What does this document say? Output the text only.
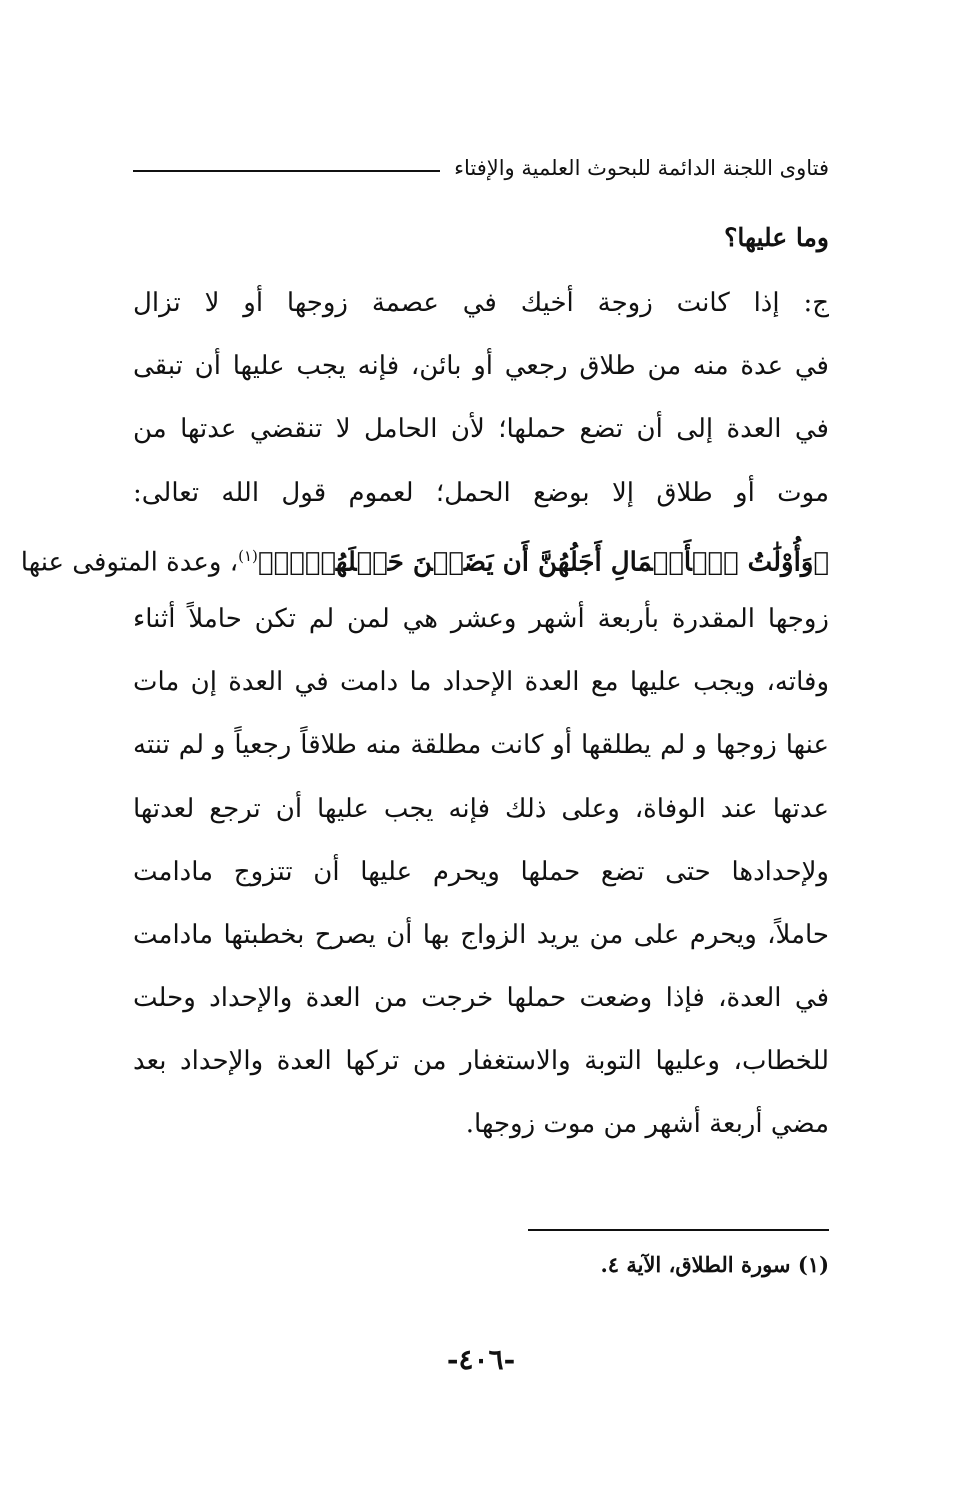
فتاوى اللجنة الدائمة للبحوث العلمية والإفتاء
وما عليها؟
ج: إذا كانت زوجة أخيك في عصمة زوجها أو لا تزال
في عدة منه من طلاق رجعي أو بائن، فإنه يجب عليها أن تبقى
في العدة إلى أن تضع حملها؛ لأن الحامل لا تنقضي عدتها من
موت أو طلاق إلا بوضع الحمل؛ لعموم قول الله تعالى:
﴿وَأُوْلَٰتُ ٱلۡأَحۡمَالِ أَجَلُهُنَّ أَن يَضَعۡنَ حَمۡلَهُنَّۚ﴾$^{(١)}$، وعدة المتوفى عنها
زوجها المقدرة بأربعة أشهر وعشر هي لمن لم تكن حاملاً أثناء
وفاته، ويجب عليها مع العدة الإحداد ما دامت في العدة إن مات
عنها زوجها و لم يطلقها أو كانت مطلقة منه طلاقاً رجعياً و لم تنته
عدتها عند الوفاة، وعلى ذلك فإنه يجب عليها أن ترجع لعدتها
ولإحدادها حتى تضع حملها ويحرم عليها أن تتزوج مادامت
حاملاً، ويحرم على من يريد الزواج بها أن يصرح بخطبتها مادامت
في العدة، فإذا وضعت حملها خرجت من العدة والإحداد وحلت
للخطاب، وعليها التوبة والاستغفار من تركها العدة والإحداد بعد
مضي أربعة أشهر من موت زوجها.
(١) سورة الطلاق، الآية ٤.
-٤٠٦-
